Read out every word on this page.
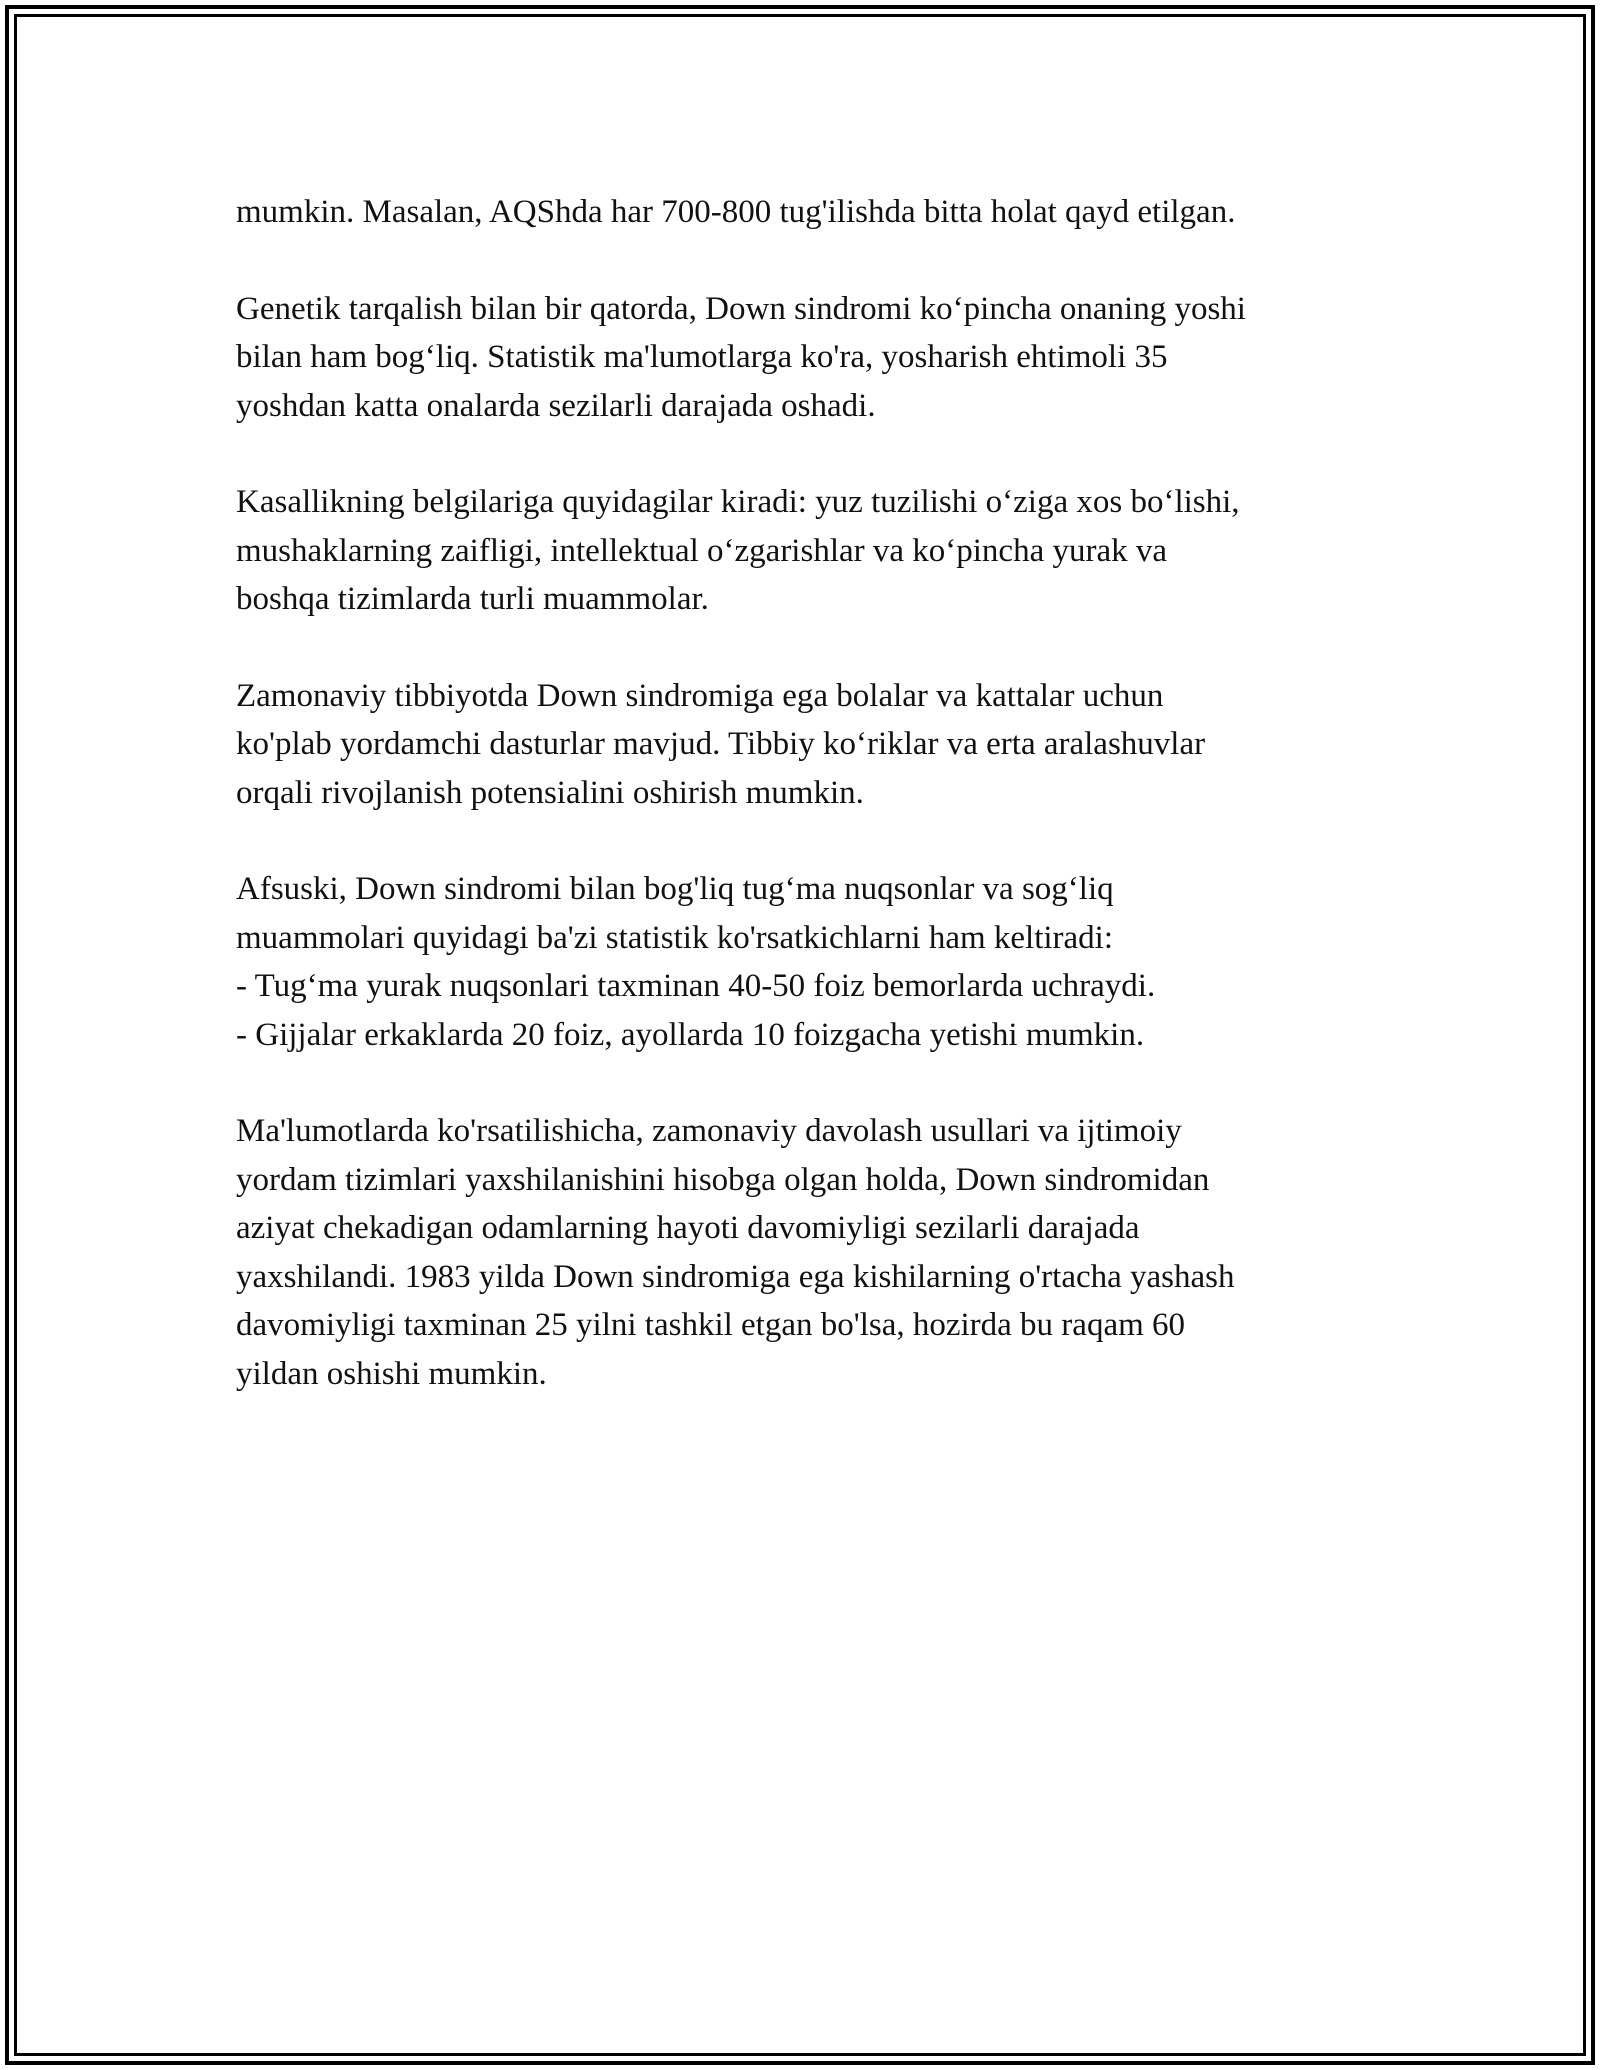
mumkin. Masalan, AQShda har 700-800 tug'ilishda bitta holat qayd etilgan.

Genetik tarqalish bilan bir qatorda, Down sindromi ko‘pincha onaning yoshi
bilan ham bog‘liq. Statistik ma'lumotlarga ko'ra, yosharish ehtimoli 35
yoshdan katta onalarda sezilarli darajada oshadi.

Kasallikning belgilariga quyidagilar kiradi: yuz tuzilishi o‘ziga xos bo‘lishi,
mushaklarning zaifligi, intellektual o‘zgarishlar va ko‘pincha yurak va
boshqa tizimlarda turli muammolar.

Zamonaviy tibbiyotda Down sindromiga ega bolalar va kattalar uchun
ko'plab yordamchi dasturlar mavjud. Tibbiy ko‘riklar va erta aralashuvlar
orqali rivojlanish potensialini oshirish mumkin.

Afsuski, Down sindromi bilan bog'liq tug‘ma nuqsonlar va sog‘liq
muammolari quyidagi ba'zi statistik ko'rsatkichlarni ham keltiradi:
- Tug‘ma yurak nuqsonlari taxminan 40-50 foiz bemorlarda uchraydi.
- Gijjalar erkaklarda 20 foiz, ayollarda 10 foizgacha yetishi mumkin.

Ma'lumotlarda ko'rsatilishicha, zamonaviy davolash usullari va ijtimoiy
yordam tizimlari yaxshilanishini hisobga olgan holda, Down sindromidan
aziyat chekadigan odamlarning hayoti davomiyligi sezilarli darajada
yaxshilandi. 1983 yilda Down sindromiga ega kishilarning o'rtacha yashash
davomiyligi taxminan 25 yilni tashkil etgan bo'lsa, hozirda bu raqam 60
yildan oshishi mumkin.
